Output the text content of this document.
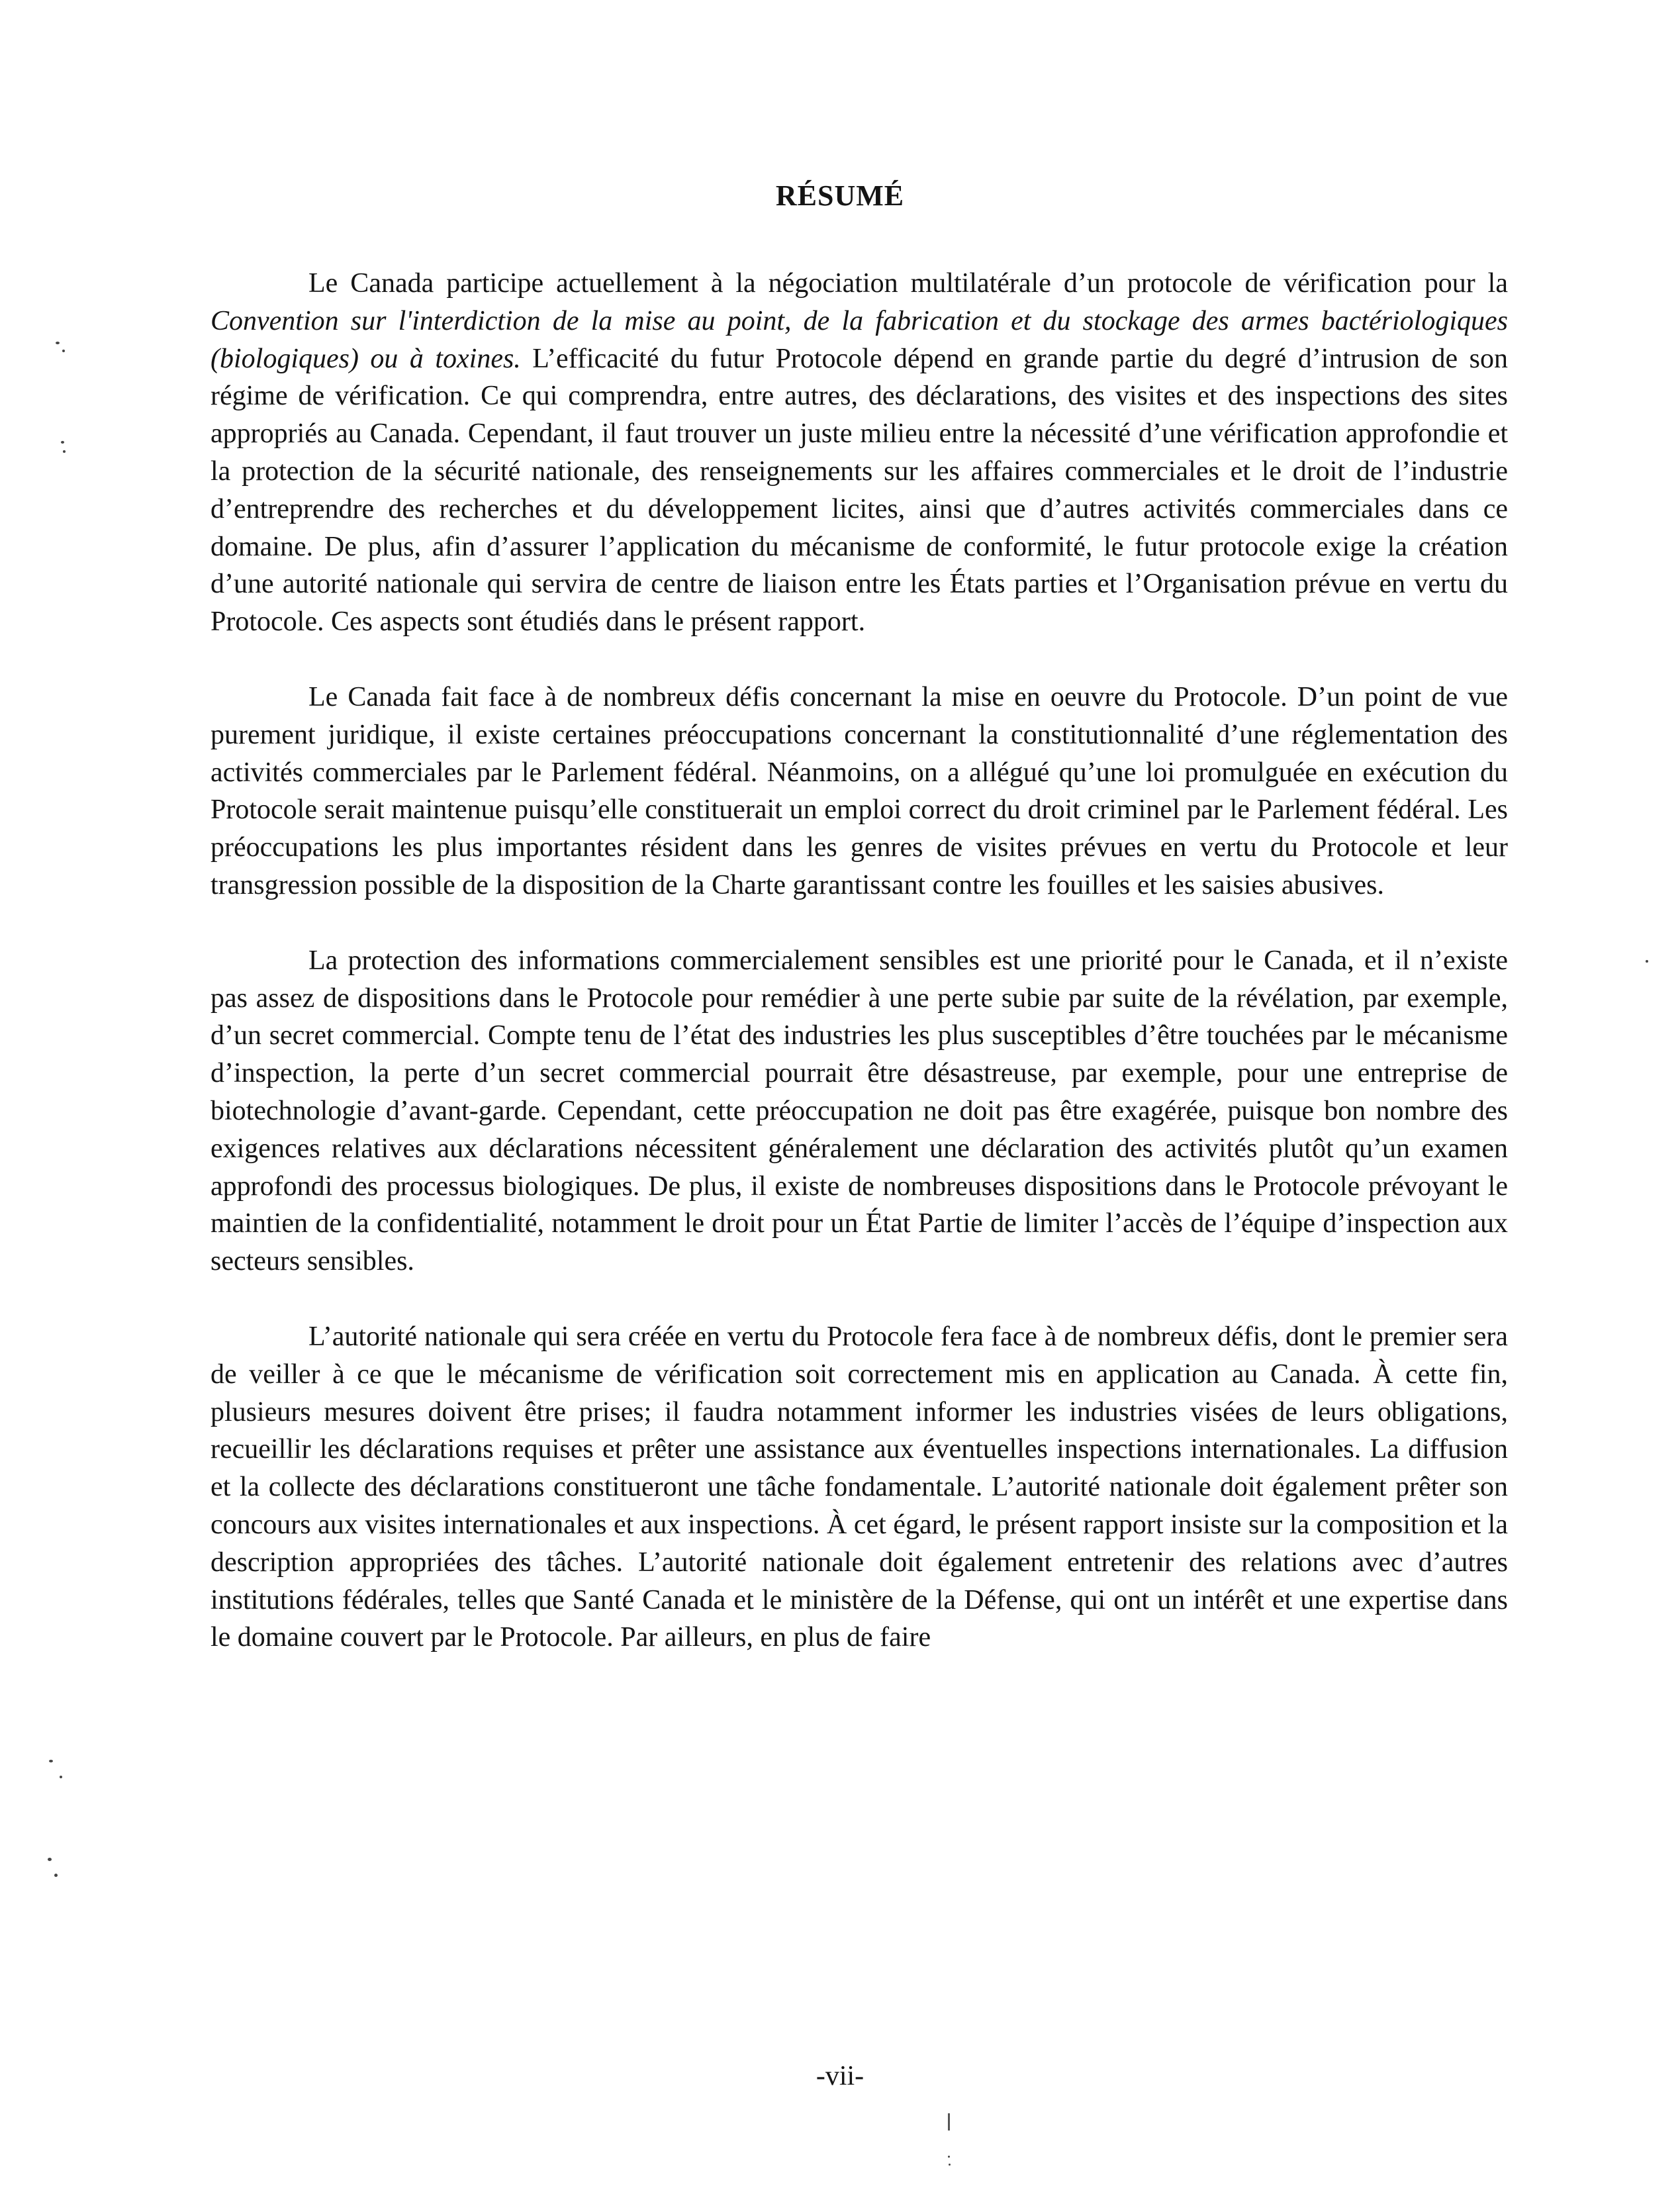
RÉSUMÉ

Le Canada participe actuellement à la négociation multilatérale d’un protocole de vérification pour la Convention sur l'interdiction de la mise au point, de la fabrication et du stockage des armes bactériologiques (biologiques) ou à toxines. L’efficacité du futur Protocole dépend en grande partie du degré d’intrusion de son régime de vérification. Ce qui comprendra, entre autres, des déclarations, des visites et des inspections des sites appropriés au Canada. Cependant, il faut trouver un juste milieu entre la nécessité d’une vérification approfondie et la protection de la sécurité nationale, des renseignements sur les affaires commerciales et le droit de l’industrie d’entreprendre des recherches et du développement licites, ainsi que d’autres activités commerciales dans ce domaine. De plus, afin d’assurer l’application du mécanisme de conformité, le futur protocole exige la création d’une autorité nationale qui servira de centre de liaison entre les États parties et l’Organisation prévue en vertu du Protocole. Ces aspects sont étudiés dans le présent rapport.

Le Canada fait face à de nombreux défis concernant la mise en oeuvre du Protocole. D’un point de vue purement juridique, il existe certaines préoccupations concernant la constitutionnalité d’une réglementation des activités commerciales par le Parlement fédéral. Néanmoins, on a allégué qu’une loi promulguée en exécution du Protocole serait maintenue puisqu’elle constituerait un emploi correct du droit criminel par le Parlement fédéral. Les préoccupations les plus importantes résident dans les genres de visites prévues en vertu du Protocole et leur transgression possible de la disposition de la Charte garantissant contre les fouilles et les saisies abusives.

La protection des informations commercialement sensibles est une priorité pour le Canada, et il n’existe pas assez de dispositions dans le Protocole pour remédier à une perte subie par suite de la révélation, par exemple, d’un secret commercial. Compte tenu de l’état des industries les plus susceptibles d’être touchées par le mécanisme d’inspection, la perte d’un secret commercial pourrait être désastreuse, par exemple, pour une entreprise de biotechnologie d’avant-garde. Cependant, cette préoccupation ne doit pas être exagérée, puisque bon nombre des exigences relatives aux déclarations nécessitent généralement une déclaration des activités plutôt qu’un examen approfondi des processus biologiques. De plus, il existe de nombreuses dispositions dans le Protocole prévoyant le maintien de la confidentialité, notamment le droit pour un État Partie de limiter l’accès de l’équipe d’inspection aux secteurs sensibles.

L’autorité nationale qui sera créée en vertu du Protocole fera face à de nombreux défis, dont le premier sera de veiller à ce que le mécanisme de vérification soit correctement mis en application au Canada. À cette fin, plusieurs mesures doivent être prises; il faudra notamment informer les industries visées de leurs obligations, recueillir les déclarations requises et prêter une assistance aux éventuelles inspections internationales. La diffusion et la collecte des déclarations constitueront une tâche fondamentale. L’autorité nationale doit également prêter son concours aux visites internationales et aux inspections. À cet égard, le présent rapport insiste sur la composition et la description appropriées des tâches. L’autorité nationale doit également entretenir des relations avec d’autres institutions fédérales, telles que Santé Canada et le ministère de la Défense, qui ont un intérêt et une expertise dans le domaine couvert par le Protocole. Par ailleurs, en plus de faire

-vii-
